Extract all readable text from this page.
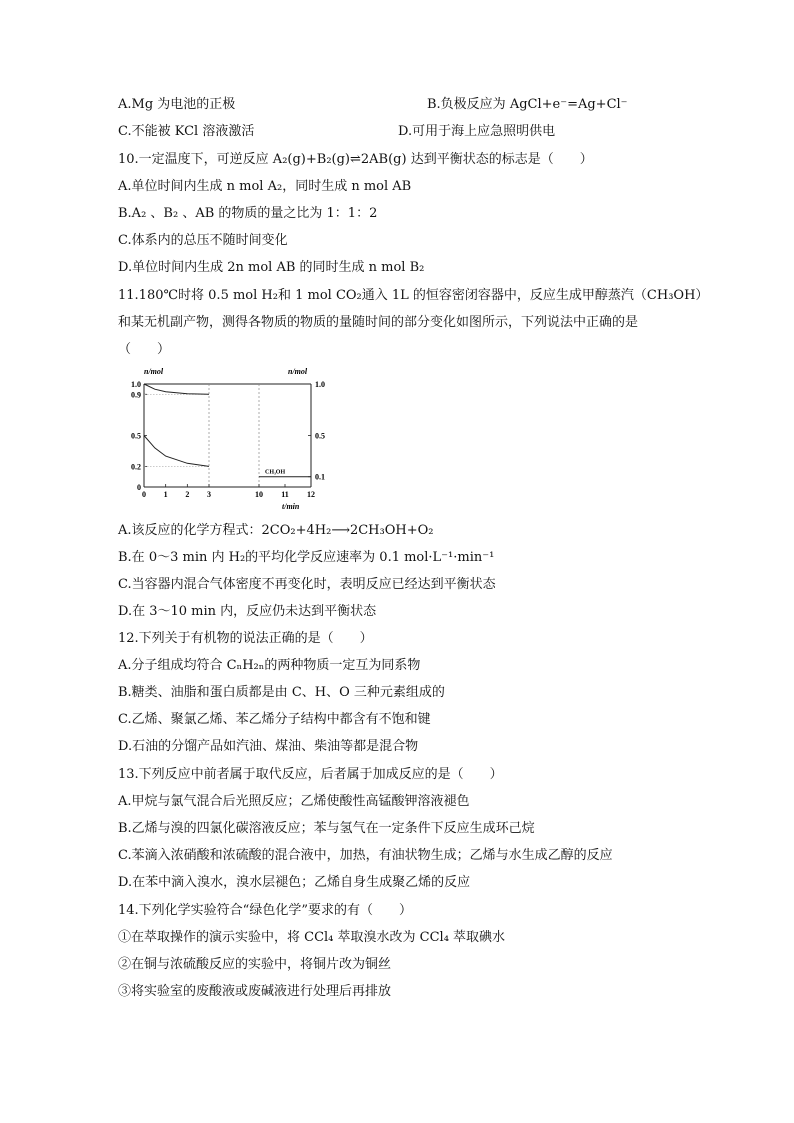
A.Mg 为电池的正极	B.负极反应为 AgCl+e⁻=Ag+Cl⁻
C.不能被 KCl 溶液激活	D.可用于海上应急照明供电
10.一定温度下，可逆反应 A₂(g)+B₂(g)⇌2AB(g) 达到平衡状态的标志是（　　）
A.单位时间内生成 n mol A₂，同时生成 n mol AB
B.A₂ 、B₂ 、AB 的物质的量之比为 1：1：2
C.体系内的总压不随时间变化
D.单位时间内生成 2n mol AB 的同时生成 n mol B₂
11.180℃时将 0.5 mol H₂和 1 mol CO₂通入 1L 的恒容密闭容器中，反应生成甲醇蒸汽（CH₃OH）
和某无机副产物，测得各物质的物质的量随时间的部分变化如图所示，下列说法中正确的是
（　　）
n/mol	n/mol
t/min
0 1 2 3	10 11 12
1.0
0.9
0.5
0.2
0
1.0
0.5
0.1
CH₃OH
A.该反应的化学方程式：2CO₂+4H₂⟶2CH₃OH+O₂
B.在 0～3 min 内 H₂的平均化学反应速率为 0.1 mol·L⁻¹·min⁻¹
C.当容器内混合气体密度不再变化时，表明反应已经达到平衡状态
D.在 3～10 min 内，反应仍未达到平衡状态
12.下列关于有机物的说法正确的是（　　）
A.分子组成均符合 CₙH₂ₙ的两种物质一定互为同系物
B.糖类、油脂和蛋白质都是由 C、H、O 三种元素组成的
C.乙烯、聚氯乙烯、苯乙烯分子结构中都含有不饱和键
D.石油的分馏产品如汽油、煤油、柴油等都是混合物
13.下列反应中前者属于取代反应，后者属于加成反应的是（　　）
A.甲烷与氯气混合后光照反应；乙烯使酸性高锰酸钾溶液褪色
B.乙烯与溴的四氯化碳溶液反应；苯与氢气在一定条件下反应生成环己烷
C.苯滴入浓硝酸和浓硫酸的混合液中，加热，有油状物生成；乙烯与水生成乙醇的反应
D.在苯中滴入溴水，溴水层褪色；乙烯自身生成聚乙烯的反应
14.下列化学实验符合“绿色化学”要求的有（　　）
①在萃取操作的演示实验中，将 CCl₄ 萃取溴水改为 CCl₄ 萃取碘水
②在铜与浓硫酸反应的实验中，将铜片改为铜丝
③将实验室的废酸液或废碱液进行处理后再排放
